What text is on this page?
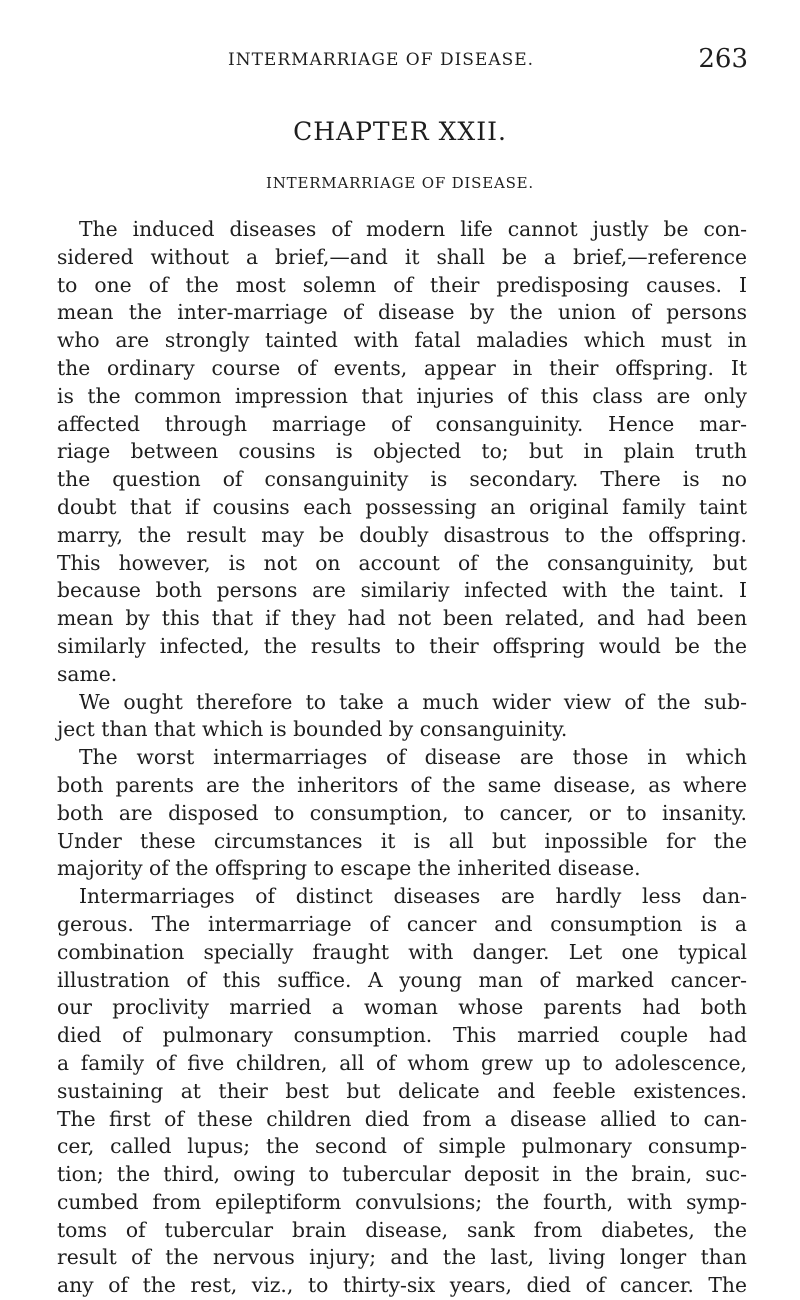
INTERMARRIAGE OF DISEASE.	263
CHAPTER XXII.
INTERMARRIAGE OF DISEASE.
The induced diseases of modern life cannot justly be con-
sidered without a brief,—and it shall be a brief,—reference
to one of the most solemn of their predisposing causes. I
mean the inter-marriage of disease by the union of persons
who are strongly tainted with fatal maladies which must in
the ordinary course of events, appear in their offspring. It
is the common impression that injuries of this class are only
affected through marriage of consanguinity. Hence mar-
riage between cousins is objected to; but in plain truth
the question of consanguinity is secondary. There is no
doubt that if cousins each possessing an original family taint
marry, the result may be doubly disastrous to the offspring.
This however, is not on account of the consanguinity, but
because both persons are similariy infected with the taint. I
mean by this that if they had not been related, and had been
similarly infected, the results to their offspring would be the
same.
We ought therefore to take a much wider view of the sub-
ject than that which is bounded by consanguinity.
The worst intermarriages of disease are those in which
both parents are the inheritors of the same disease, as where
both are disposed to consumption, to cancer, or to insanity.
Under these circumstances it is all but inpossible for the
majority of the offspring to escape the inherited disease.
Intermarriages of distinct diseases are hardly less dan-
gerous. The intermarriage of cancer and consumption is a
combination specially fraught with danger. Let one typical
illustration of this suffice. A young man of marked cancer-
our proclivity married a woman whose parents had both
died of pulmonary consumption. This married couple had
a family of five children, all of whom grew up to adolescence,
sustaining at their best but delicate and feeble existences.
The first of these children died from a disease allied to can-
cer, called lupus; the second of simple pulmonary consump-
tion; the third, owing to tubercular deposit in the brain, suc-
cumbed from epileptiform convulsions; the fourth, with symp-
toms of tubercular brain disease, sank from diabetes, the
result of the nervous injury; and the last, living longer than
any of the rest, viz., to thirty-six years, died of cancer. The
